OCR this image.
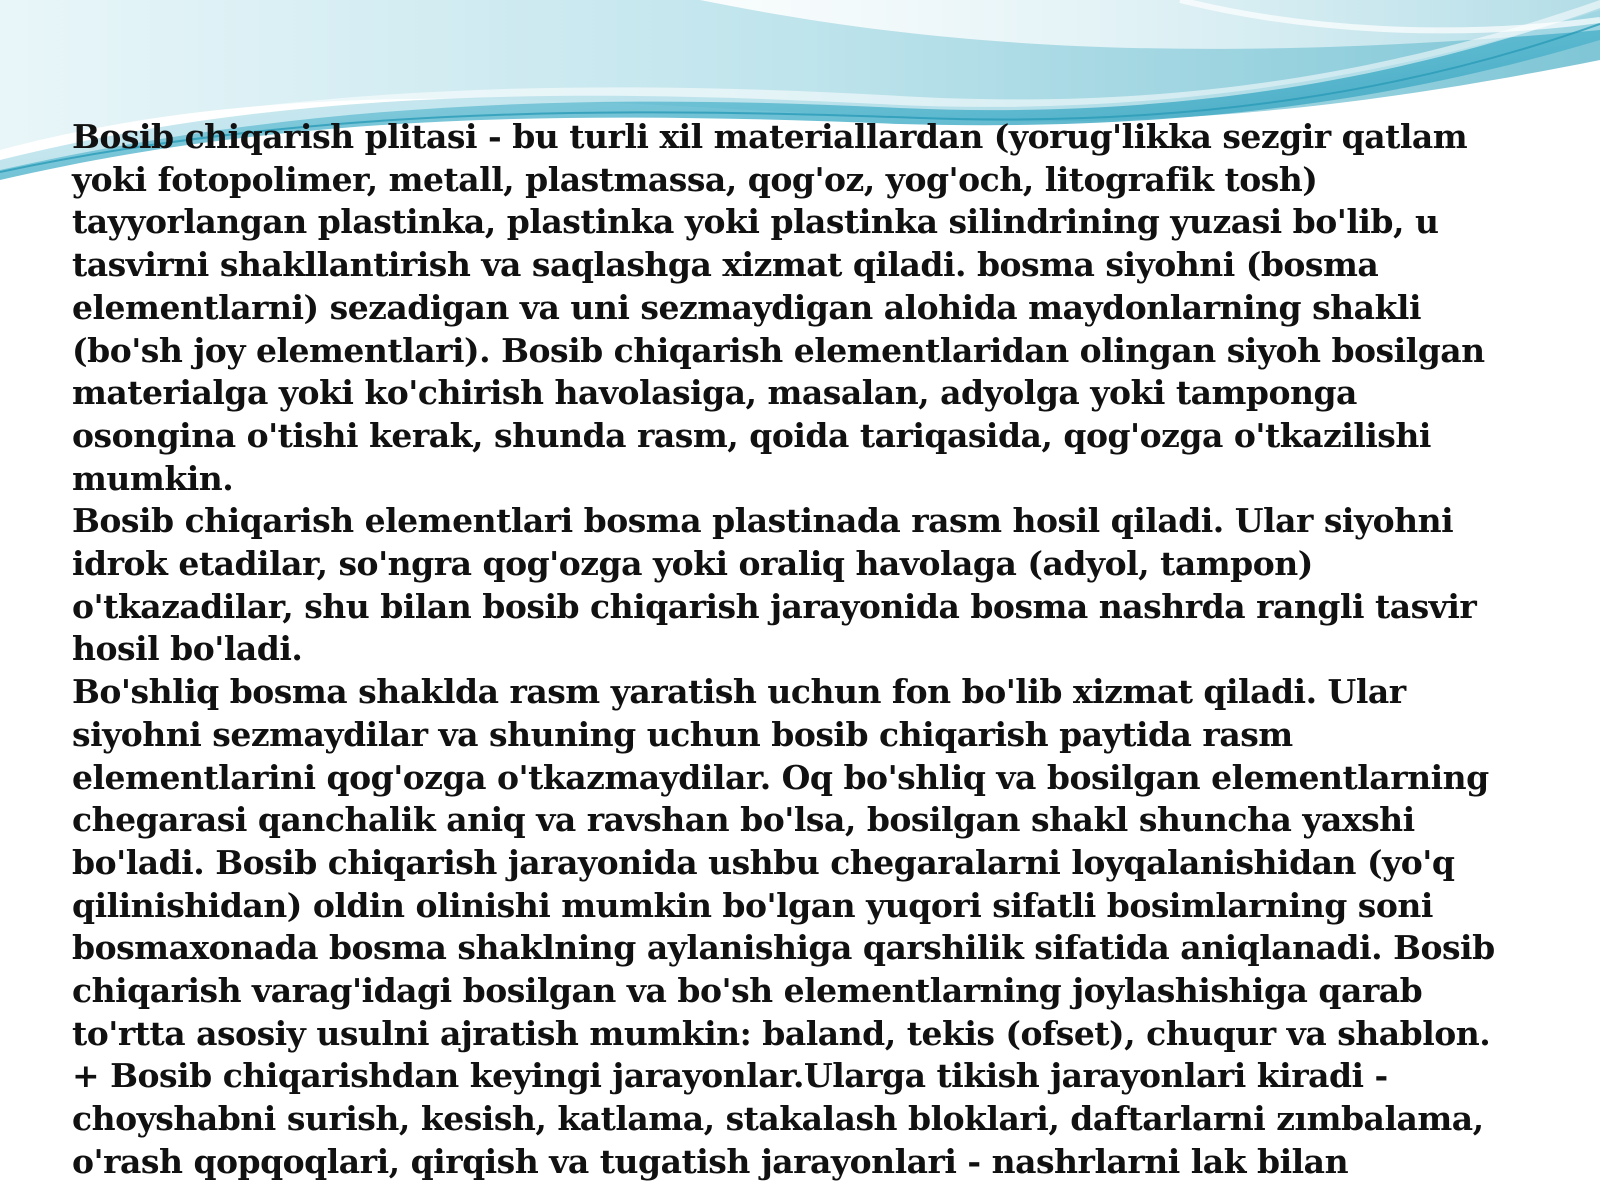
Bosib chiqarish plitasi - bu turli xil materiallardan (yorug'likka sezgir qatlam
yoki fotopolimer, metall, plastmassa, qog'oz, yog'och, litografik tosh)
tayyorlangan plastinka, plastinka yoki plastinka silindrining yuzasi bo'lib, u
tasvirni shakllantirish va saqlashga xizmat qiladi. bosma siyohni (bosma
elementlarni) sezadigan va uni sezmaydigan alohida maydonlarning shakli
(bo'sh joy elementlari). Bosib chiqarish elementlaridan olingan siyoh bosilgan
materialga yoki ko'chirish havolasiga, masalan, adyolga yoki tamponga
osongina o'tishi kerak, shunda rasm, qoida tariqasida, qog'ozga o'tkazilishi
mumkin.
Bosib chiqarish elementlari bosma plastinada rasm hosil qiladi. Ular siyohni
idrok etadilar, so'ngra qog'ozga yoki oraliq havolaga (adyol, tampon)
o'tkazadilar, shu bilan bosib chiqarish jarayonida bosma nashrda rangli tasvir
hosil bo'ladi.
Bo'shliq bosma shaklda rasm yaratish uchun fon bo'lib xizmat qiladi. Ular
siyohni sezmaydilar va shuning uchun bosib chiqarish paytida rasm
elementlarini qog'ozga o'tkazmaydilar. Oq bo'shliq va bosilgan elementlarning
chegarasi qanchalik aniq va ravshan bo'lsa, bosilgan shakl shuncha yaxshi
bo'ladi. Bosib chiqarish jarayonida ushbu chegaralarni loyqalanishidan (yo'q
qilinishidan) oldin olinishi mumkin bo'lgan yuqori sifatli bosimlarning soni
bosmaxonada bosma shaklning aylanishiga qarshilik sifatida aniqlanadi. Bosib
chiqarish varag'idagi bosilgan va bo'sh elementlarning joylashishiga qarab
to'rtta asosiy usulni ajratish mumkin: baland, tekis (ofset), chuqur va shablon.
+ Bosib chiqarishdan keyingi jarayonlar.Ularga tikish jarayonlari kiradi -
choyshabni surish, kesish, katlama, stakalash bloklari, daftarlarni zımbalama,
o'rash qopqoqlari, qirqish va tugatish jarayonlari - nashrlarni lak bilan
